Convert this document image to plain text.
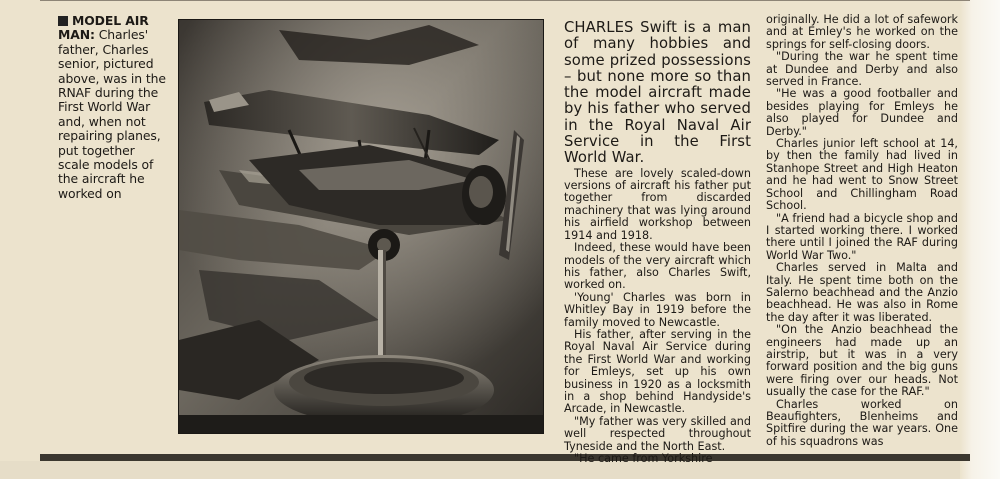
MODEL AIR MAN: Charles' father, Charles senior, pictured above, was in the RNAF during the First World War and, when not repairing planes, put together scale models of the aircraft he worked on

CHARLES Swift is a man of many hobbies and some prized possessions – but none more so than the model aircraft made by his father who served in the Royal Naval Air Service in the First World War.

These are lovely scaled-down versions of aircraft his father put together from discarded machinery that was lying around his airfield workshop between 1914 and 1918.

Indeed, these would have been models of the very aircraft which his father, also Charles Swift, worked on.

'Young' Charles was born in Whitley Bay in 1919 before the family moved to Newcastle.

His father, after serving in the Royal Naval Air Service during the First World War and working for Emleys, set up his own business in 1920 as a locksmith in a shop behind Handyside's Arcade, in Newcastle.

"My father was very skilled and well respected throughout Tyneside and the North East.

"He came from Yorkshire

originally. He did a lot of safework and at Emley's he worked on the springs for self-closing doors.

"During the war he spent time at Dundee and Derby and also served in France.

"He was a good footballer and besides playing for Emleys he also played for Dundee and Derby."

Charles junior left school at 14, by then the family had lived in Stanhope Street and High Heaton and he had went to Snow Street School and Chillingham Road School.

"A friend had a bicycle shop and I started working there. I worked there until I joined the RAF during World War Two."

Charles served in Malta and Italy. He spent time both on the Salerno beachhead and the Anzio beachhead. He was also in Rome the day after it was liberated.

"On the Anzio beachhead the engineers had made up an airstrip, but it was in a very forward position and the big guns were firing over our heads. Not usually the case for the RAF."

Charles worked on Beaufighters, Blenheims and Spitfire during the war years. One of his squadrons was
